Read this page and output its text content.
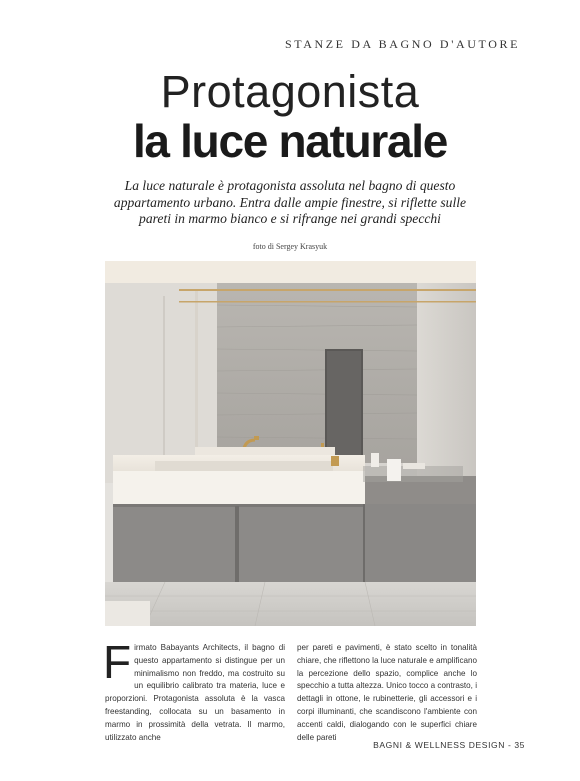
STANZE DA BAGNO D'AUTORE
Protagonista
la luce naturale
La luce naturale è protagonista assoluta nel bagno di questo appartamento urbano. Entra dalle ampie finestre, si riflette sulle pareti in marmo bianco e si rifrange nei grandi specchi
foto di Sergey Krasyuk
Firmato Babayants Architects, il bagno di questo appartamento si distingue per un minimalismo non freddo, ma costruito su un equilibrio calibrato tra materia, luce e proporzioni. Protagonista assoluta è la vasca freestanding, collocata su un basamento in marmo in prossimità della vetrata. Il marmo, utilizzato anche
per pareti e pavimenti, è stato scelto in tonalità chiare, che riflettono la luce naturale e amplificano la percezione dello spazio, complice anche lo specchio a tutta altezza. Unico tocco a contrasto, i dettagli in ottone, le rubinetterie, gli accessori e i corpi illuminanti, che scandiscono l'ambiente con accenti caldi, dialogando con le superfici chiare delle pareti
BAGNI & WELLNESS DESIGN - 35
